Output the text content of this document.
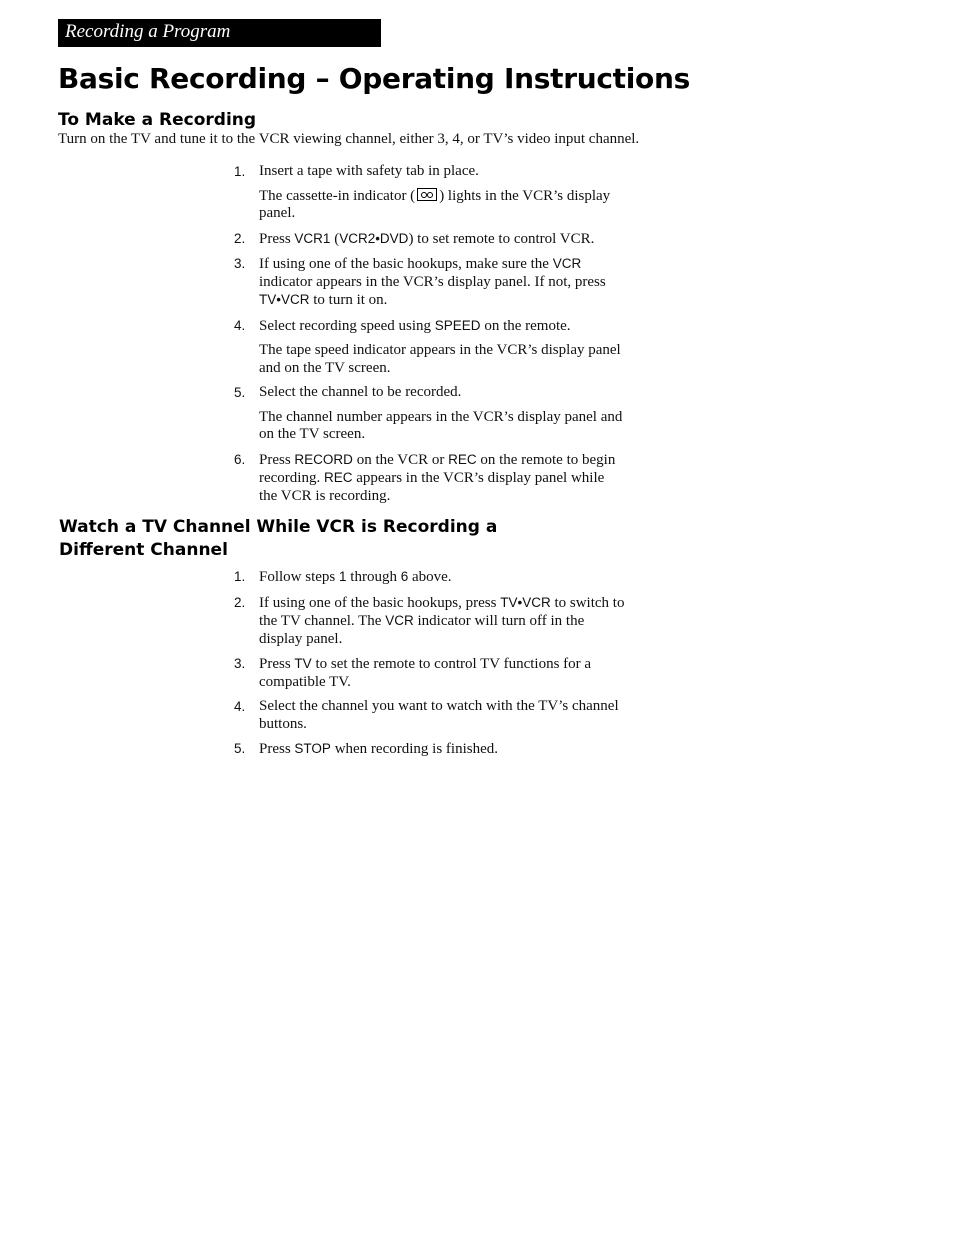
Recording a Program
Basic Recording – Operating Instructions
To Make a Recording

Turn on the TV and tune it to the VCR viewing channel, either 3, 4, or TV’s video input channel.

1. Insert a tape with safety tab in place.

The cassette-in indicator ( ) lights in the VCR’s display panel.

2. Press VCR1 (VCR2•DVD) to set remote to control VCR.

3. If using one of the basic hookups, make sure the VCR indicator appears in the VCR’s display panel. If not, press TV•VCR to turn it on.

4. Select recording speed using SPEED on the remote.

The tape speed indicator appears in the VCR’s display panel and on the TV screen.

5. Select the channel to be recorded.

The channel number appears in the VCR’s display panel and on the TV screen.

6. Press RECORD on the VCR or REC on the remote to begin recording. REC appears in the VCR’s display panel while the VCR is recording.

Watch a TV Channel While VCR is Recording a
Different Channel
1. Follow steps 1 through 6 above.

2. If using one of the basic hookups, press TV•VCR to switch to the TV channel. The VCR indicator will turn off in the display panel.

3. Press TV to set the remote to control TV functions for a compatible TV.

4. Select the channel you want to watch with the TV’s channel buttons.

5. Press STOP when recording is finished.
